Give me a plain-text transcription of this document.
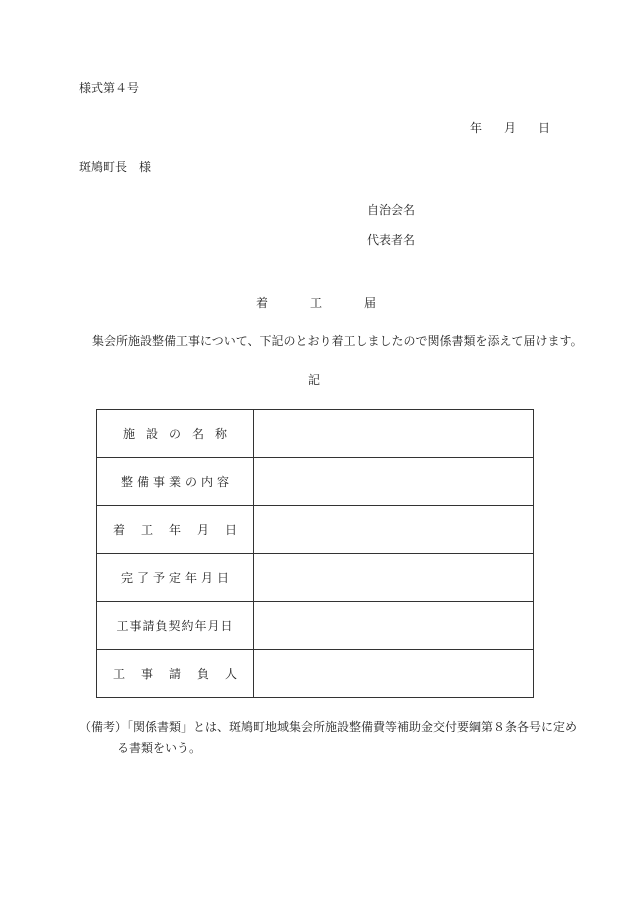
様式第４号
年 月 日
斑鳩町長　様
自治会名
代表者名
着	工	届
集会所施設整備工事について、下記のとおり着工しましたので関係書類を添えて届けます。
記
施設の名称	
整備事業の内容	
着工年月日	
完了予定年月日	
工事請負契約年月日	
工事請負人	
（備考）「関係書類」とは、斑鳩町地域集会所施設整備費等補助金交付要綱第８条各号に定め
る書類をいう。
